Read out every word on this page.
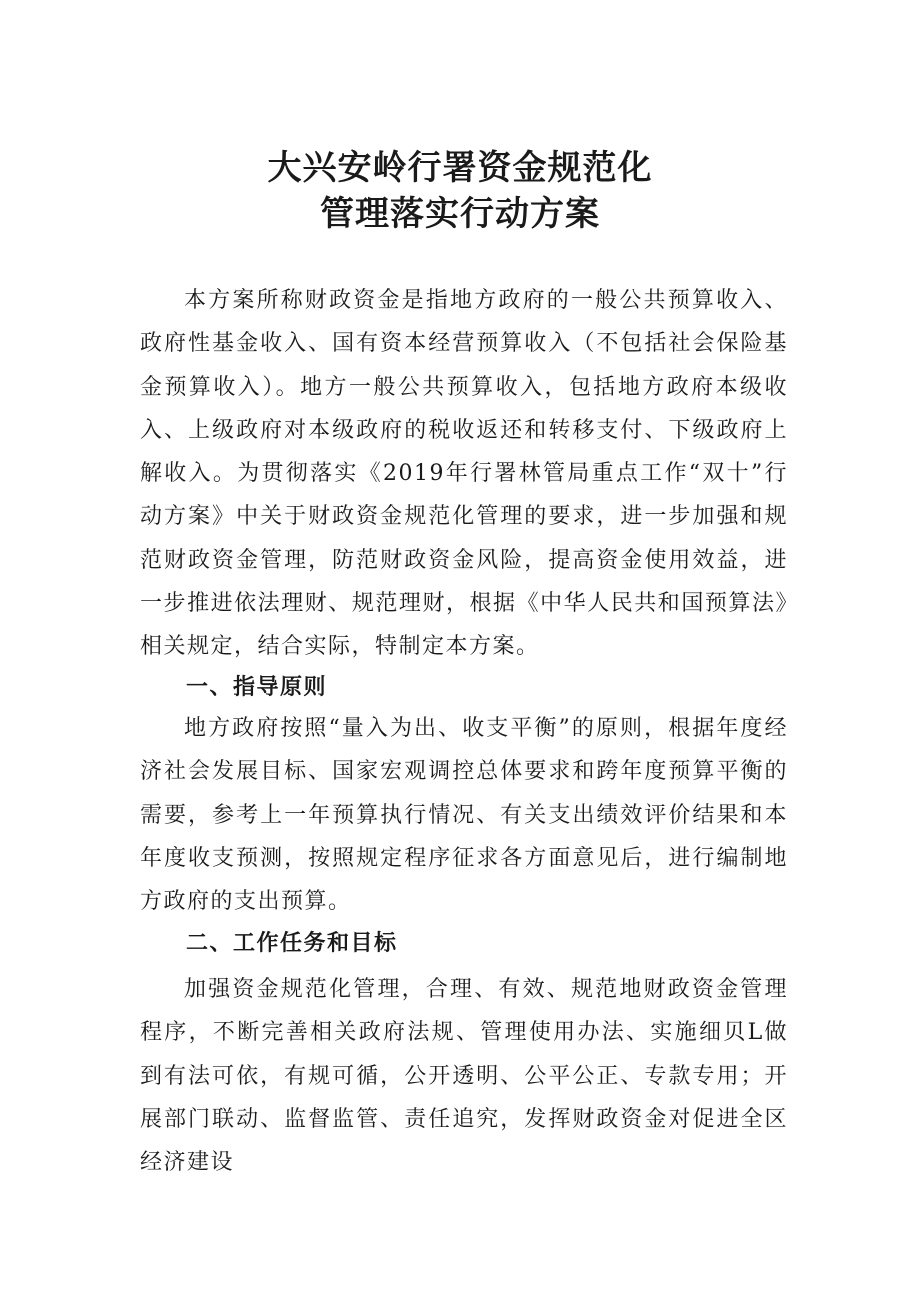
大兴安岭行署资金规范化
管理落实行动方案

本方案所称财政资金是指地方政府的一般公共预算收入、政府性基金收入、国有资本经营预算收入（不包括社会保险基金预算收入）。地方一般公共预算收入，包括地方政府本级收入、上级政府对本级政府的税收返还和转移支付、下级政府上解收入。为贯彻落实《2019年行署林管局重点工作“双十”行动方案》中关于财政资金规范化管理的要求，进一步加强和规范财政资金管理，防范财政资金风险，提高资金使用效益，进一步推进依法理财、规范理财，根据《中华人民共和国预算法》相关规定，结合实际，特制定本方案。

一、指导原则

地方政府按照“量入为出、收支平衡”的原则，根据年度经济社会发展目标、国家宏观调控总体要求和跨年度预算平衡的需要，参考上一年预算执行情况、有关支出绩效评价结果和本年度收支预测，按照规定程序征求各方面意见后，进行编制地方政府的支出预算。

二、工作任务和目标

加强资金规范化管理，合理、有效、规范地财政资金管理程序，不断完善相关政府法规、管理使用办法、实施细贝L做到有法可依，有规可循，公开透明、公平公正、专款专用；开展部门联动、监督监管、责任追究，发挥财政资金对促进全区经济建设
